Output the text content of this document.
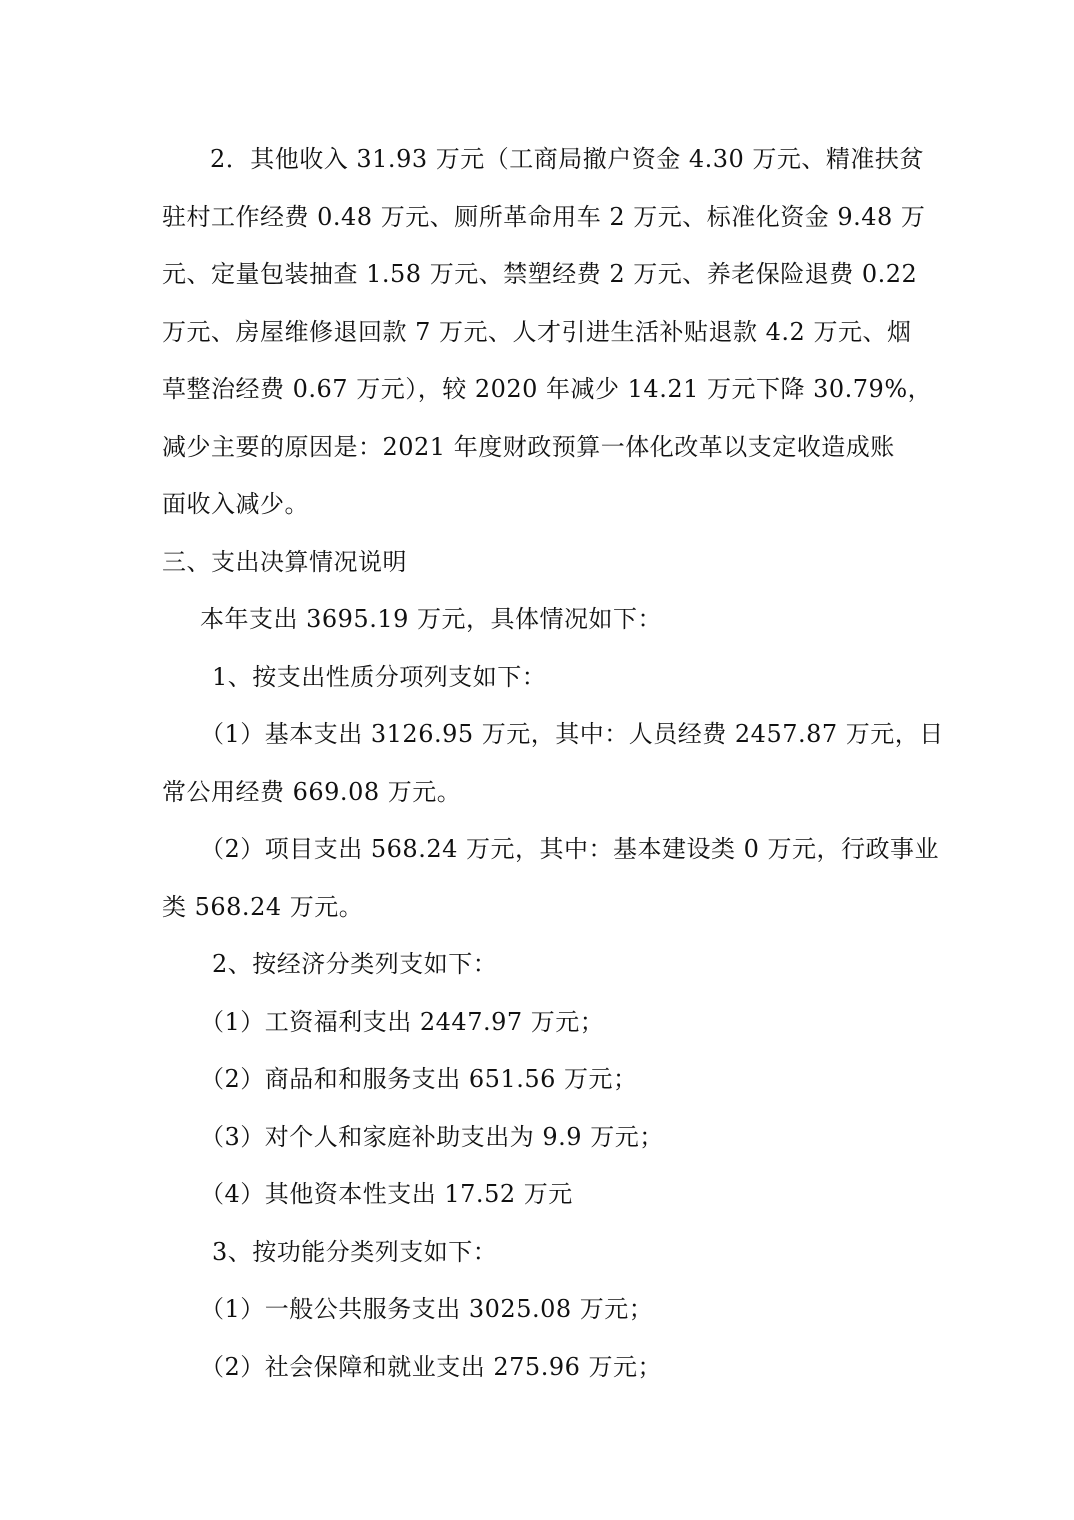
2．其他收入 31.93 万元（工商局撤户资金 4.30 万元、精准扶贫
驻村工作经费 0.48 万元、厕所革命用车 2 万元、标准化资金 9.48 万
元、定量包装抽查 1.58 万元、禁塑经费 2 万元、养老保险退费 0.22
万元、房屋维修退回款 7 万元、人才引进生活补贴退款 4.2 万元、烟
草整治经费 0.67 万元），较 2020 年减少 14.21 万元下降 30.79%，
减少主要的原因是：2021 年度财政预算一体化改革以支定收造成账
面收入减少。
三、支出决算情况说明
本年支出 3695.19 万元，具体情况如下：
1、按支出性质分项列支如下：
（1）基本支出 3126.95 万元，其中：人员经费 2457.87 万元，日
常公用经费 669.08 万元。
（2）项目支出 568.24 万元，其中：基本建设类 0 万元，行政事业
类 568.24 万元。
2、按经济分类列支如下：
（1）工资福利支出 2447.97 万元；
（2）商品和和服务支出 651.56 万元；
（3）对个人和家庭补助支出为 9.9 万元；
（4）其他资本性支出 17.52 万元
3、按功能分类列支如下：
（1）一般公共服务支出 3025.08 万元；
（2）社会保障和就业支出 275.96 万元；
